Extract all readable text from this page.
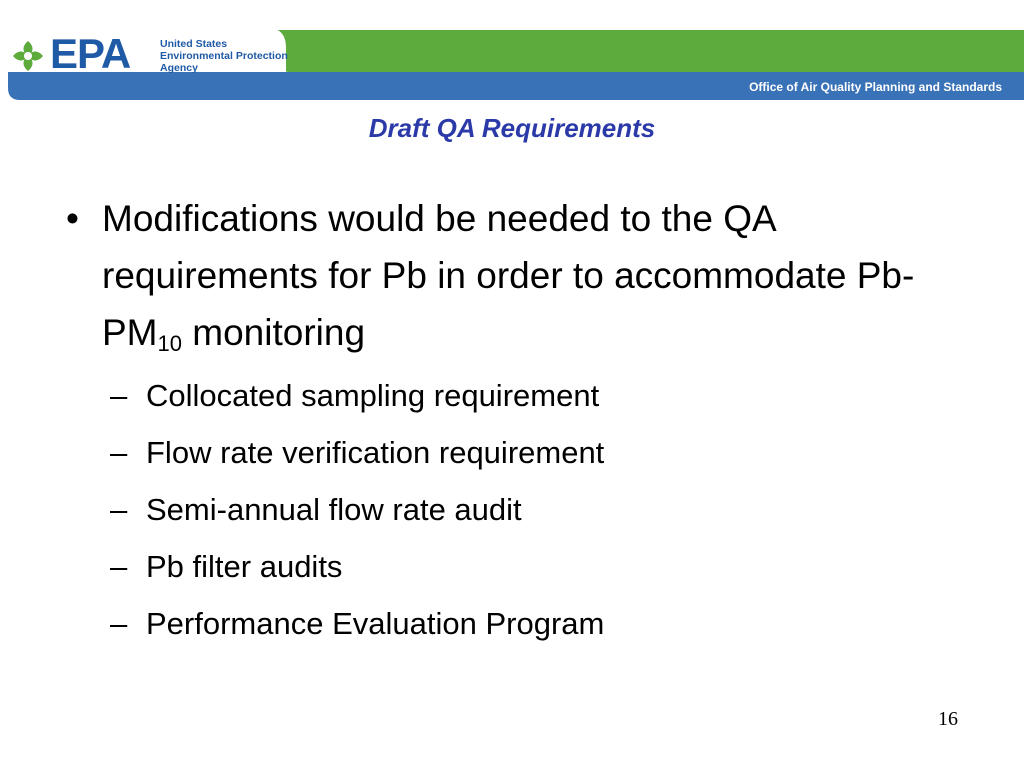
EPA	United States
Environmental Protection
Agency
Office of Air Quality Planning and Standards
Draft QA Requirements
• Modifications would be needed to the QA requirements for Pb in order to accommodate $Pb-PM_{10}$ monitoring
– Collocated sampling requirement
– Flow rate verification requirement
– Semi-annual flow rate audit
– Pb filter audits
– Performance Evaluation Program
16
